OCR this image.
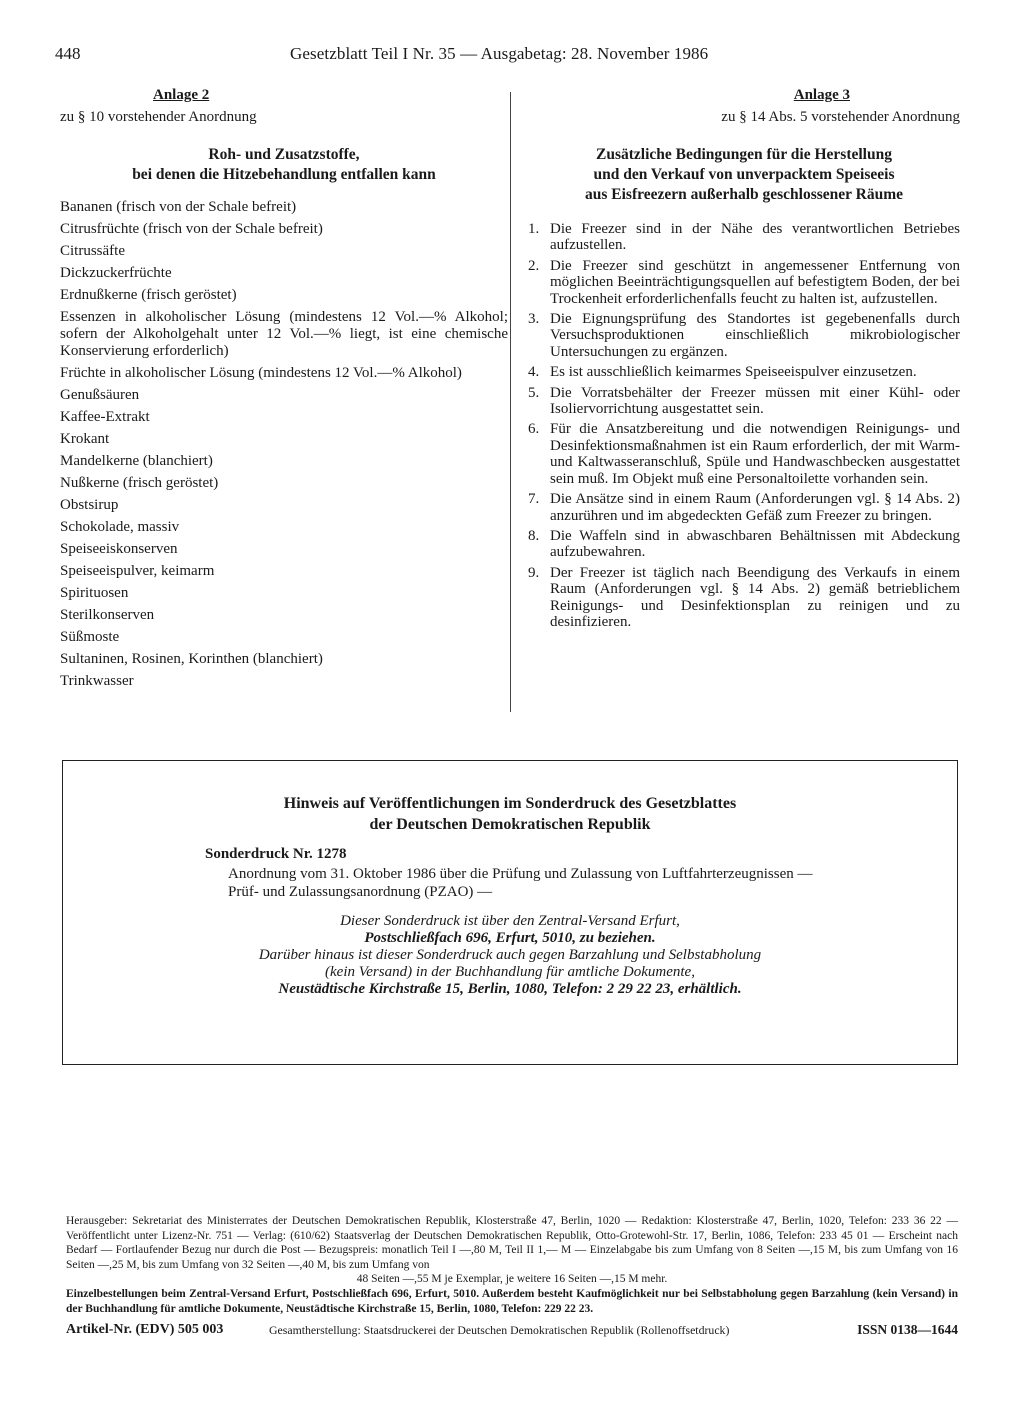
448	Gesetzblatt Teil I Nr. 35 — Ausgabetag: 28. November 1986
Anlage 2
zu § 10 vorstehender Anordnung
Roh- und Zusatzstoffe,
bei denen die Hitzebehandlung entfallen kann
Bananen (frisch von der Schale befreit)
Citrusfrüchte (frisch von der Schale befreit)
Citrussäfte
Dickzuckerfrüchte
Erdnußkerne (frisch geröstet)
Essenzen in alkoholischer Lösung (mindestens 12 Vol.—% Alkohol; sofern der Alkoholgehalt unter 12 Vol.—% liegt, ist eine chemische Konservierung erforderlich)
Früchte in alkoholischer Lösung (mindestens 12 Vol.—% Alkohol)
Genußsäuren
Kaffee-Extrakt
Krokant
Mandelkerne (blanchiert)
Nußkerne (frisch geröstet)
Obstsirup
Schokolade, massiv
Speiseeiskonserven
Speiseeispulver, keimarm
Spirituosen
Sterilkonserven
Süßmoste
Sultaninen, Rosinen, Korinthen (blanchiert)
Trinkwasser
Anlage 3
zu § 14 Abs. 5 vorstehender Anordnung
Zusätzliche Bedingungen für die Herstellung
und den Verkauf von unverpacktem Speiseeis
aus Eisfreezern außerhalb geschlossener Räume
1. Die Freezer sind in der Nähe des verantwortlichen Betriebes aufzustellen.
2. Die Freezer sind geschützt in angemessener Entfernung von möglichen Beeinträchtigungsquellen auf befestigtem Boden, der bei Trockenheit erforderlichenfalls feucht zu halten ist, aufzustellen.
3. Die Eignungsprüfung des Standortes ist gegebenenfalls durch Versuchsproduktionen einschließlich mikrobiologischer Untersuchungen zu ergänzen.
4. Es ist ausschließlich keimarmes Speiseeispulver einzusetzen.
5. Die Vorratsbehälter der Freezer müssen mit einer Kühl- oder Isoliervorrichtung ausgestattet sein.
6. Für die Ansatzbereitung und die notwendigen Reinigungs- und Desinfektionsmaßnahmen ist ein Raum erforderlich, der mit Warm- und Kaltwasseranschluß, Spüle und Handwaschbecken ausgestattet sein muß. Im Objekt muß eine Personaltoilette vorhanden sein.
7. Die Ansätze sind in einem Raum (Anforderungen vgl. § 14 Abs. 2) anzurühren und im abgedeckten Gefäß zum Freezer zu bringen.
8. Die Waffeln sind in abwaschbaren Behältnissen mit Abdeckung aufzubewahren.
9. Der Freezer ist täglich nach Beendigung des Verkaufs in einem Raum (Anforderungen vgl. § 14 Abs. 2) gemäß betrieblichem Reinigungs- und Desinfektionsplan zu reinigen und zu desinfizieren.
Hinweis auf Veröffentlichungen im Sonderdruck des Gesetzblattes
der Deutschen Demokratischen Republik
Sonderdruck Nr. 1278
Anordnung vom 31. Oktober 1986 über die Prüfung und Zulassung von Luftfahrterzeugnissen — Prüf- und Zulassungsanordnung (PZAO) —
Dieser Sonderdruck ist über den Zentral-Versand Erfurt,
Postschließfach 696, Erfurt, 5010, zu beziehen.
Darüber hinaus ist dieser Sonderdruck auch gegen Barzahlung und Selbstabholung
(kein Versand) in der Buchhandlung für amtliche Dokumente,
Neustädtische Kirchstraße 15, Berlin, 1080, Telefon: 2 29 22 23, erhältlich.
Herausgeber: Sekretariat des Ministerrates der Deutschen Demokratischen Republik, Klosterstraße 47, Berlin, 1020 — Redaktion: Klosterstraße 47, Berlin, 1020, Telefon: 233 36 22 — Veröffentlicht unter Lizenz-Nr. 751 — Verlag: (610/62) Staatsverlag der Deutschen Demokratischen Republik, Otto-Grotewohl-Str. 17, Berlin, 1086, Telefon: 233 45 01 — Erscheint nach Bedarf — Fortlaufender Bezug nur durch die Post — Bezugspreis: monatlich Teil I —,80 M, Teil II 1,— M — Einzelabgabe bis zum Umfang von 8 Seiten —,15 M, bis zum Umfang von 16 Seiten —,25 M, bis zum Umfang von 32 Seiten —,40 M, bis zum Umfang von
48 Seiten —,55 M je Exemplar, je weitere 16 Seiten —,15 M mehr.
Einzelbestellungen beim Zentral-Versand Erfurt, Postschließfach 696, Erfurt, 5010. Außerdem besteht Kaufmöglichkeit nur bei Selbstabholung gegen Barzahlung (kein Versand) in der Buchhandlung für amtliche Dokumente, Neustädtische Kirchstraße 15, Berlin, 1080, Telefon: 229 22 23.
Artikel-Nr. (EDV) 505 003	Gesamtherstellung: Staatsdruckerei der Deutschen Demokratischen Republik (Rollenoffsetdruck)	ISSN 0138—1644
